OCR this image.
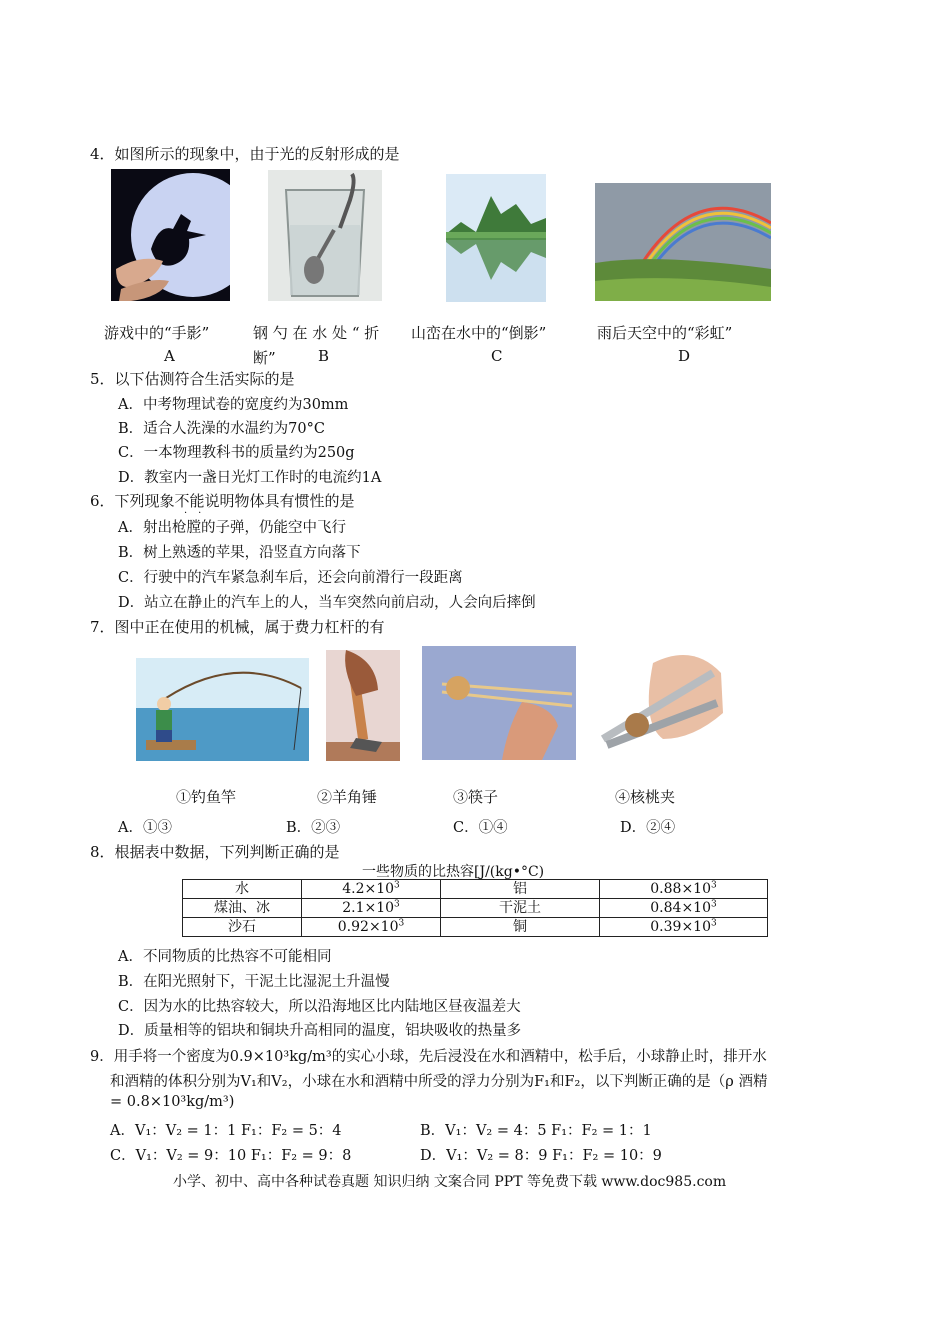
4．如图所示的现象中，由于光的反射形成的是
游戏中的“手影”
A
钢 勺 在 水 处 “ 折
断”	B
山峦在水中的“倒影”
C
雨后天空中的“彩虹”
D
5．以下估测符合生活实际的是
A．中考物理试卷的宽度约为30mm
B．适合人洗澡的水温约为70°C
C．一本物理教科书的质量约为250g
D．教室内一盏日光灯工作时的电流约1A
6．下列现象不能说明物体具有惯性的是
··
A．射出枪膛的子弹，仍能空中飞行
B．树上熟透的苹果，沿竖直方向落下
C．行驶中的汽车紧急刹车后，还会向前滑行一段距离
D．站立在静止的汽车上的人，当车突然向前启动，人会向后摔倒
7．图中正在使用的机械，属于费力杠杆的有
①钓鱼竿	②羊角锤	③筷子	④核桃夹
A．①③	B．②③	C．①④	D．②④
8．根据表中数据，下列判断正确的是
一些物质的比热容[J/(kg•°C)
水	$4.2\times 10^3$	铝	$0.88\times 10^3$
煤油、冰	$2.1\times 10^3$	干泥土	$0.84\times 10^3$
沙石	$0.92\times 10^3$	铜	$0.39\times 10^3$
A．不同物质的比热容不可能相同
B．在阳光照射下，干泥土比湿泥土升温慢
C．因为水的比热容较大，所以沿海地区比内陆地区昼夜温差大
D．质量相等的铝块和铜块升高相同的温度，铝块吸收的热量多
9．用手将一个密度为0.9×10³kg/m³的实心小球，先后浸没在水和酒精中，松手后，小球静止时，排开水
和酒精的体积分别为V₁和V₂，小球在水和酒精中所受的浮力分别为F₁和F₂，以下判断正确的是（ρ 酒精
= 0.8×10³kg/m³)
A．V₁：V₂ = 1：1 F₁：F₂ = 5：4	B．V₁：V₂ = 4：5 F₁：F₂ = 1：1
C．V₁：V₂ = 9：10 F₁：F₂ = 9：8	D．V₁：V₂ = 8：9 F₁：F₂ = 10：9
小学、初中、高中各种试卷真题 知识归纳 文案合同 PPT 等免费下载 www.doc985.com
